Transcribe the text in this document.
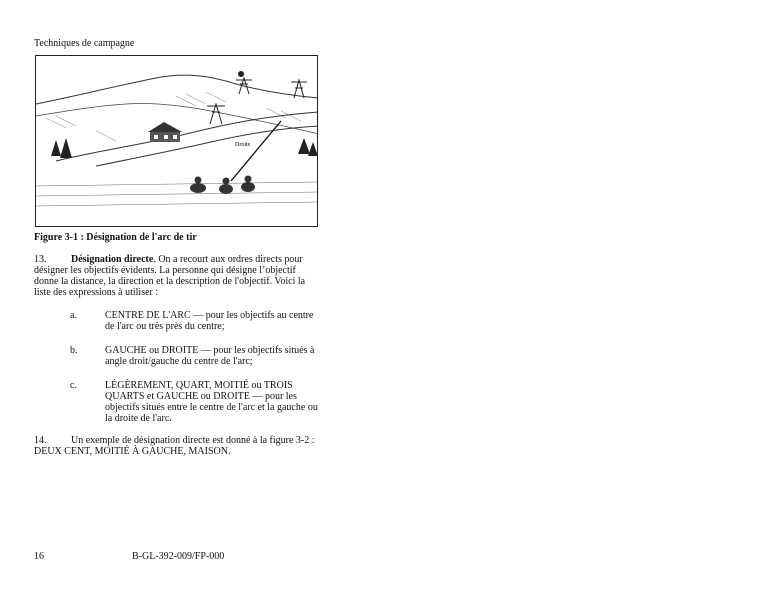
Techniques de campagne
Droite
Figure 3-1 : Désignation de l'arc de tir
13. Désignation directe. On a recourt aux ordres directs pour désigner les objectifs évidents. La personne qui désigne l’objectif donne la distance, la direction et la description de l'objectif. Voici la liste des expressions à utiliser :
a.	CENTRE DE L'ARC — pour les objectifs au centre de l'arc ou très près du centre;
b.	GAUCHE ou DROITE — pour les objectifs situés à angle droit/gauche du centre de l'arc;
c.	LÉGÈREMENT, QUART, MOITIÉ ou TROIS QUARTS et GAUCHE ou DROITE — pour les objectifs situés entre le centre de l'arc et la gauche ou la droite de l'arc.
14. Un exemple de désignation directe est donné à la figure 3-2 : DEUX CENT, MOITIÉ À GAUCHE, MAISON.
16	B-GL-392-009/FP-000
